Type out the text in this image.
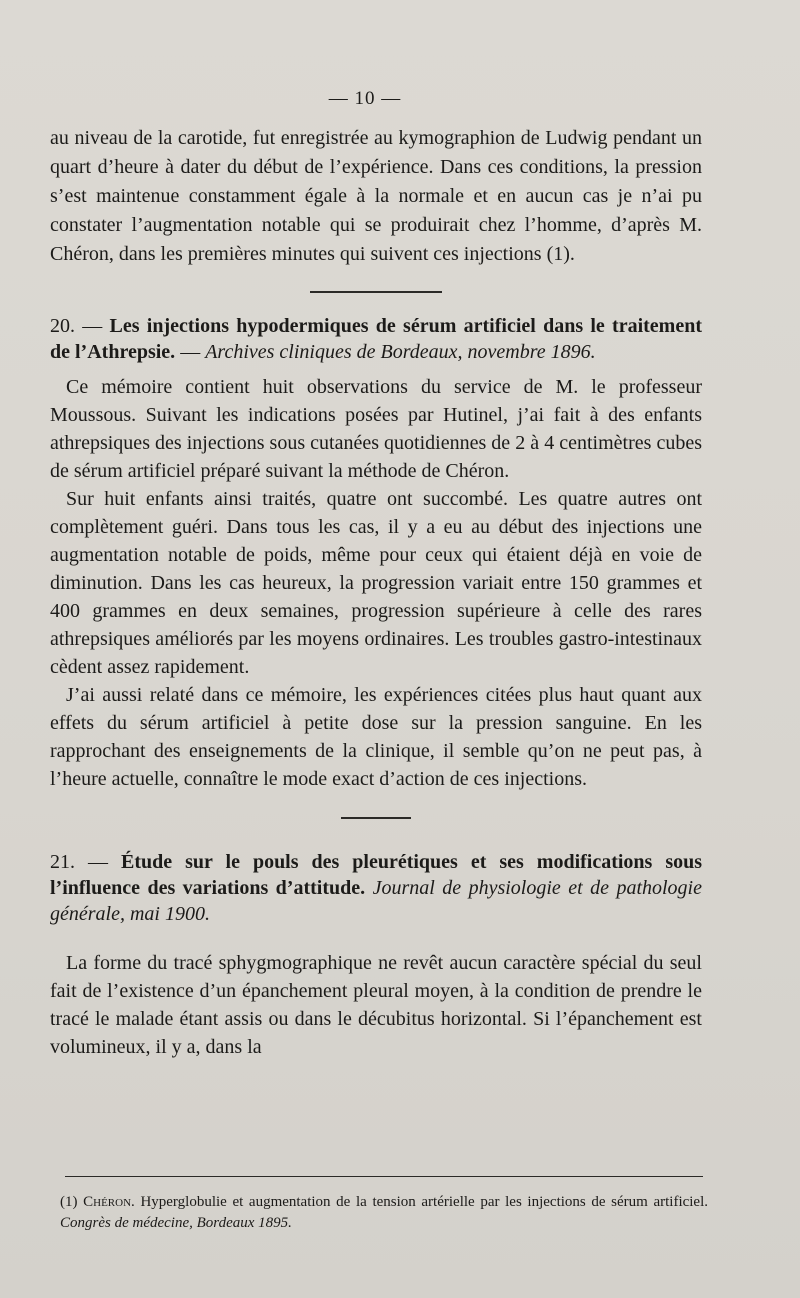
— 10 —

au niveau de la carotide, fut enregistrée au kymographion de Ludwig pendant un quart d’heure à dater du début de l’expérience. Dans ces conditions, la pression s’est maintenue constamment égale à la normale et en aucun cas je n’ai pu constater l’augmentation notable qui se produirait chez l’homme, d’après M. Chéron, dans les premières minutes qui suivent ces injections (1).

20. — Les injections hypodermiques de sérum artificiel dans le traitement de l’Athrepsie. — Archives cliniques de Bordeaux, novembre 1896.

Ce mémoire contient huit observations du service de M. le professeur Moussous. Suivant les indications posées par Hutinel, j’ai fait à des enfants athrepsiques des injections sous cutanées quotidiennes de 2 à 4 centimètres cubes de sérum artificiel préparé suivant la méthode de Chéron.

Sur huit enfants ainsi traités, quatre ont succombé. Les quatre autres ont complètement guéri. Dans tous les cas, il y a eu au début des injections une augmentation notable de poids, même pour ceux qui étaient déjà en voie de diminution. Dans les cas heureux, la progression variait entre 150 grammes et 400 grammes en deux semaines, progression supérieure à celle des rares athrepsiques améliorés par les moyens ordinaires. Les troubles gastro-intestinaux cèdent assez rapidement.

J’ai aussi relaté dans ce mémoire, les expériences citées plus haut quant aux effets du sérum artificiel à petite dose sur la pression sanguine. En les rapprochant des enseignements de la clinique, il semble qu’on ne peut pas, à l’heure actuelle, connaître le mode exact d’action de ces injections.

21. — Étude sur le pouls des pleurétiques et ses modifications sous l’influence des variations d’attitude. Journal de physiologie et de pathologie générale, mai 1900.

La forme du tracé sphygmographique ne revêt aucun caractère spécial du seul fait de l’existence d’un épanchement pleural moyen, à la condition de prendre le tracé le malade étant assis ou dans le décubitus horizontal. Si l’épanchement est volumineux, il y a, dans la

(1) Chéron. Hyperglobulie et augmentation de la tension artérielle par les injections de sérum artificiel. Congrès de médecine, Bordeaux 1895.
